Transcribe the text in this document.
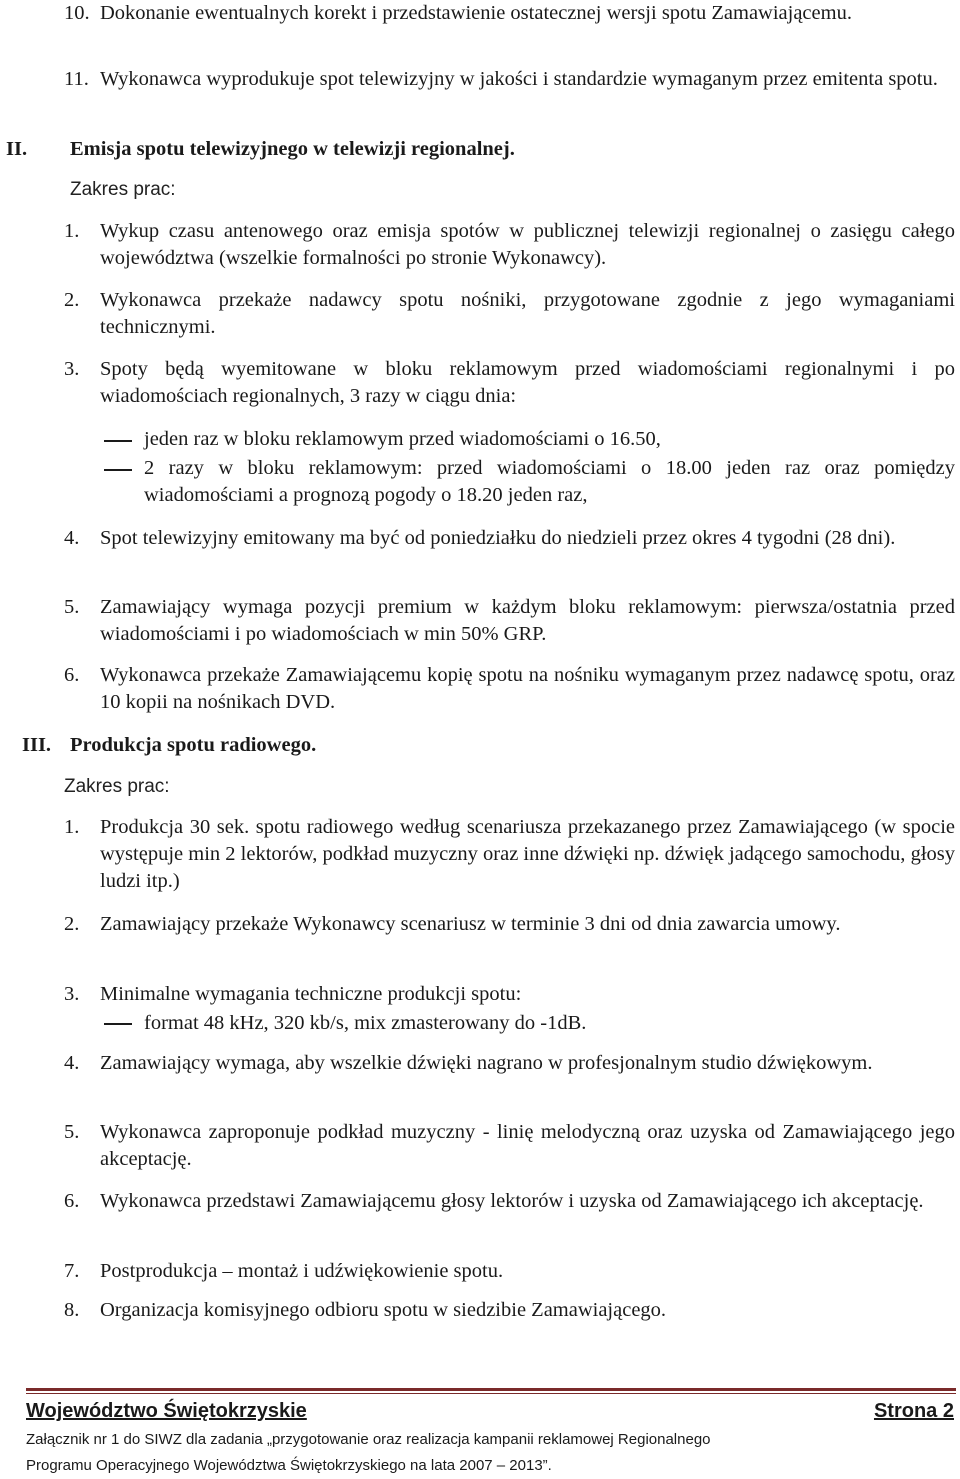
10. Dokonanie ewentualnych korekt i przedstawienie ostatecznej wersji spotu Zamawiającemu.
11. Wykonawca wyprodukuje spot telewizyjny w jakości i standardzie wymaganym przez emitenta spotu.
II. Emisja spotu telewizyjnego w telewizji regionalnej.
Zakres prac:
1.	Wykup czasu antenowego oraz emisja spotów w publicznej telewizji regionalnej o zasięgu całego województwa (wszelkie formalności po stronie Wykonawcy).
2.	Wykonawca przekaże nadawcy spotu nośniki, przygotowane zgodnie z jego wymaganiami technicznymi.
3.	Spoty będą wyemitowane w bloku reklamowym przed wiadomościami regionalnymi i po wiadomościach regionalnych, 3 razy w ciągu dnia:
jeden raz w bloku reklamowym przed wiadomościami o 16.50,
2 razy w bloku reklamowym: przed wiadomościami o 18.00 jeden raz oraz pomiędzy wiadomościami a prognozą pogody o 18.20 jeden raz,
4.	Spot telewizyjny emitowany ma być od poniedziałku do niedzieli przez okres 4 tygodni (28 dni).
5.	Zamawiający wymaga pozycji premium w każdym bloku reklamowym: pierwsza/ostatnia przed wiadomościami i po wiadomościach w min 50% GRP.
6.	Wykonawca przekaże Zamawiającemu kopię spotu na nośniku wymaganym przez nadawcę spotu, oraz 10 kopii na nośnikach DVD.
III. Produkcja spotu radiowego.
Zakres prac:
1.	Produkcja 30 sek. spotu radiowego według scenariusza przekazanego przez Zamawiającego (w spocie występuje min 2 lektorów, podkład muzyczny oraz inne dźwięki np. dźwięk jadącego samochodu, głosy ludzi itp.)
2.	Zamawiający przekaże Wykonawcy scenariusz w terminie 3 dni od dnia zawarcia umowy.
3.	Minimalne wymagania techniczne produkcji spotu:
format 48 kHz, 320 kb/s, mix zmasterowany do -1dB.
4.	Zamawiający wymaga, aby wszelkie dźwięki nagrano w profesjonalnym studio dźwiękowym.
5.	Wykonawca zaproponuje podkład muzyczny - linię melodyczną oraz uzyska od Zamawiającego jego akceptację.
6.	Wykonawca przedstawi Zamawiającemu głosy lektorów i uzyska od Zamawiającego ich akceptację.
7.	Postprodukcja – montaż i udźwiękowienie spotu.
8.	Organizacja komisyjnego odbioru spotu w siedzibie Zamawiającego.
Województwo Świętokrzyskie	Strona 2
Załącznik nr 1 do SIWZ dla zadania „przygotowanie oraz realizacja kampanii reklamowej Regionalnego
Programu Operacyjnego Województwa Świętokrzyskiego na lata 2007 – 2013”.
